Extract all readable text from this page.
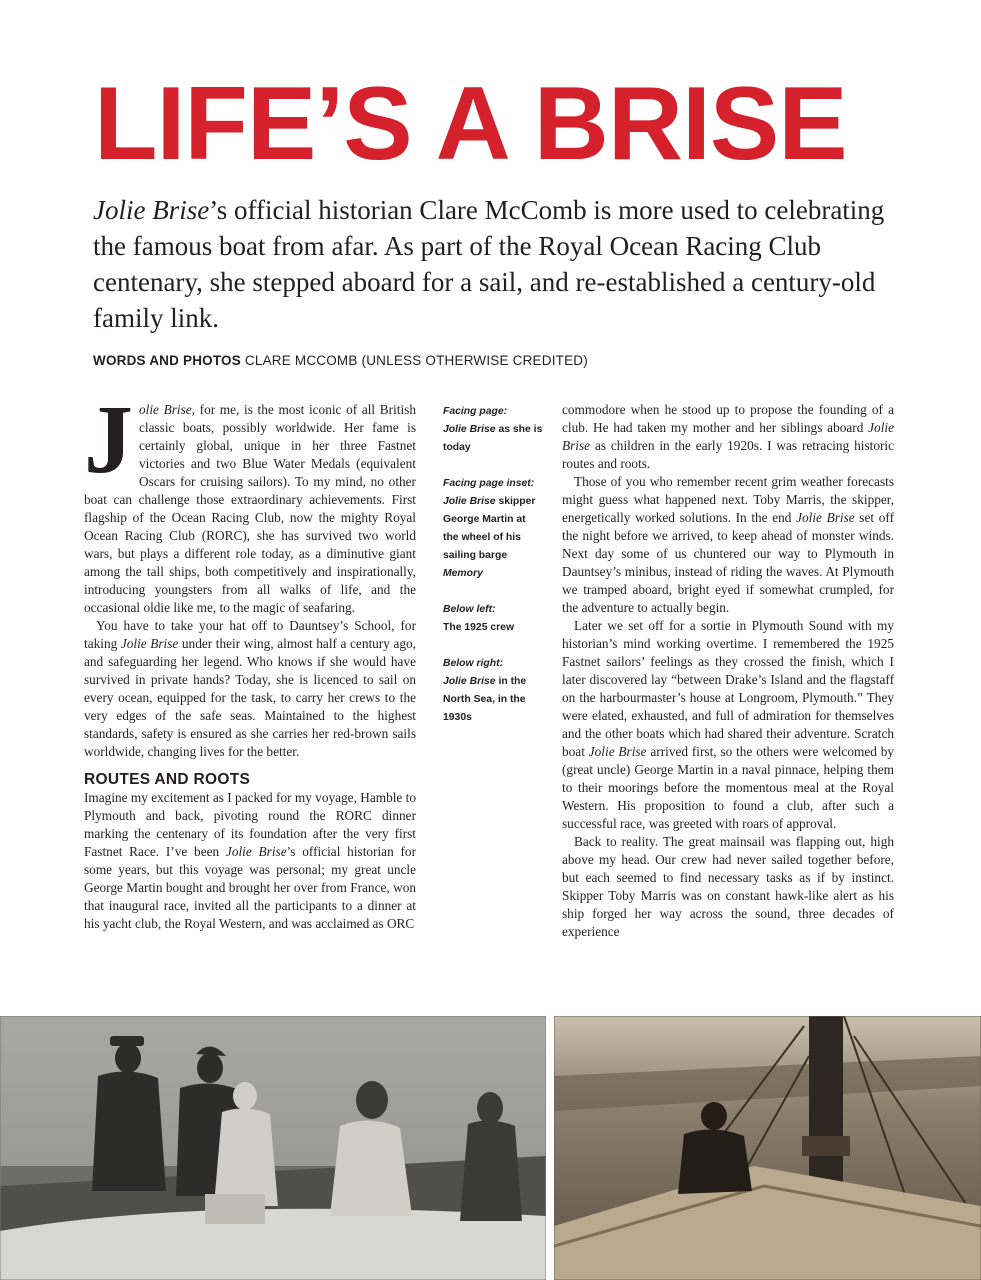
LIFE’S A BRISE

Jolie Brise’s official historian Clare McComb is more used to celebrating the famous boat from afar. As part of the Royal Ocean Racing Club centenary, she stepped aboard for a sail, and re-established a century-old family link.

WORDS AND PHOTOS CLARE MCCOMB (UNLESS OTHERWISE CREDITED)

Jolie Brise, for me, is the most iconic of all British classic boats, possibly worldwide. Her fame is certainly global, unique in her three Fastnet victories and two Blue Water Medals (equivalent Oscars for cruising sailors). To my mind, no other boat can challenge those extraordinary achievements. First flagship of the Ocean Racing Club, now the mighty Royal Ocean Racing Club (RORC), she has survived two world wars, but plays a different role today, as a diminutive giant among the tall ships, both competitively and inspirationally, introducing youngsters from all walks of life, and the occasional oldie like me, to the magic of seafaring.

You have to take your hat off to Dauntsey’s School, for taking Jolie Brise under their wing, almost half a century ago, and safeguarding her legend. Who knows if she would have survived in private hands? Today, she is licenced to sail on every ocean, equipped for the task, to carry her crews to the very edges of the safe seas. Maintained to the highest standards, safety is ensured as she carries her red-brown sails worldwide, changing lives for the better.

ROUTES AND ROOTS

Imagine my excitement as I packed for my voyage, Hamble to Plymouth and back, pivoting round the RORC dinner marking the centenary of its foundation after the very first Fastnet Race. I’ve been Jolie Brise’s official historian for some years, but this voyage was personal; my great uncle George Martin bought and brought her over from France, won that inaugural race, invited all the participants to a dinner at his yacht club, the Royal Western, and was acclaimed as ORC

Facing page:
Jolie Brise as she is today
Facing page inset:
Jolie Brise skipper George Martin at the wheel of his sailing barge Memory
Below left:
The 1925 crew
Below right:
Jolie Brise in the North Sea, in the 1930s

commodore when he stood up to propose the founding of a club. He had taken my mother and her siblings aboard Jolie Brise as children in the early 1920s. I was retracing historic routes and roots.

Those of you who remember recent grim weather forecasts might guess what happened next. Toby Marris, the skipper, energetically worked solutions. In the end Jolie Brise set off the night before we arrived, to keep ahead of monster winds. Next day some of us chuntered our way to Plymouth in Dauntsey’s minibus, instead of riding the waves. At Plymouth we tramped aboard, bright eyed if somewhat crumpled, for the adventure to actually begin.

Later we set off for a sortie in Plymouth Sound with my historian’s mind working overtime. I remembered the 1925 Fastnet sailors’ feelings as they crossed the finish, which I later discovered lay “between Drake’s Island and the flagstaff on the harbourmaster’s house at Longroom, Plymouth.” They were elated, exhausted, and full of admiration for themselves and the other boats which had shared their adventure. Scratch boat Jolie Brise arrived first, so the others were welcomed by (great uncle) George Martin in a naval pinnace, helping them to their moorings before the momentous meal at the Royal Western. His proposition to found a club, after such a successful race, was greeted with roars of approval.

Back to reality. The great mainsail was flapping out, high above my head. Our crew had never sailed together before, but each seemed to find necessary tasks as if by instinct. Skipper Toby Marris was on constant hawk-like alert as his ship forged her way across the sound, three decades of experience
